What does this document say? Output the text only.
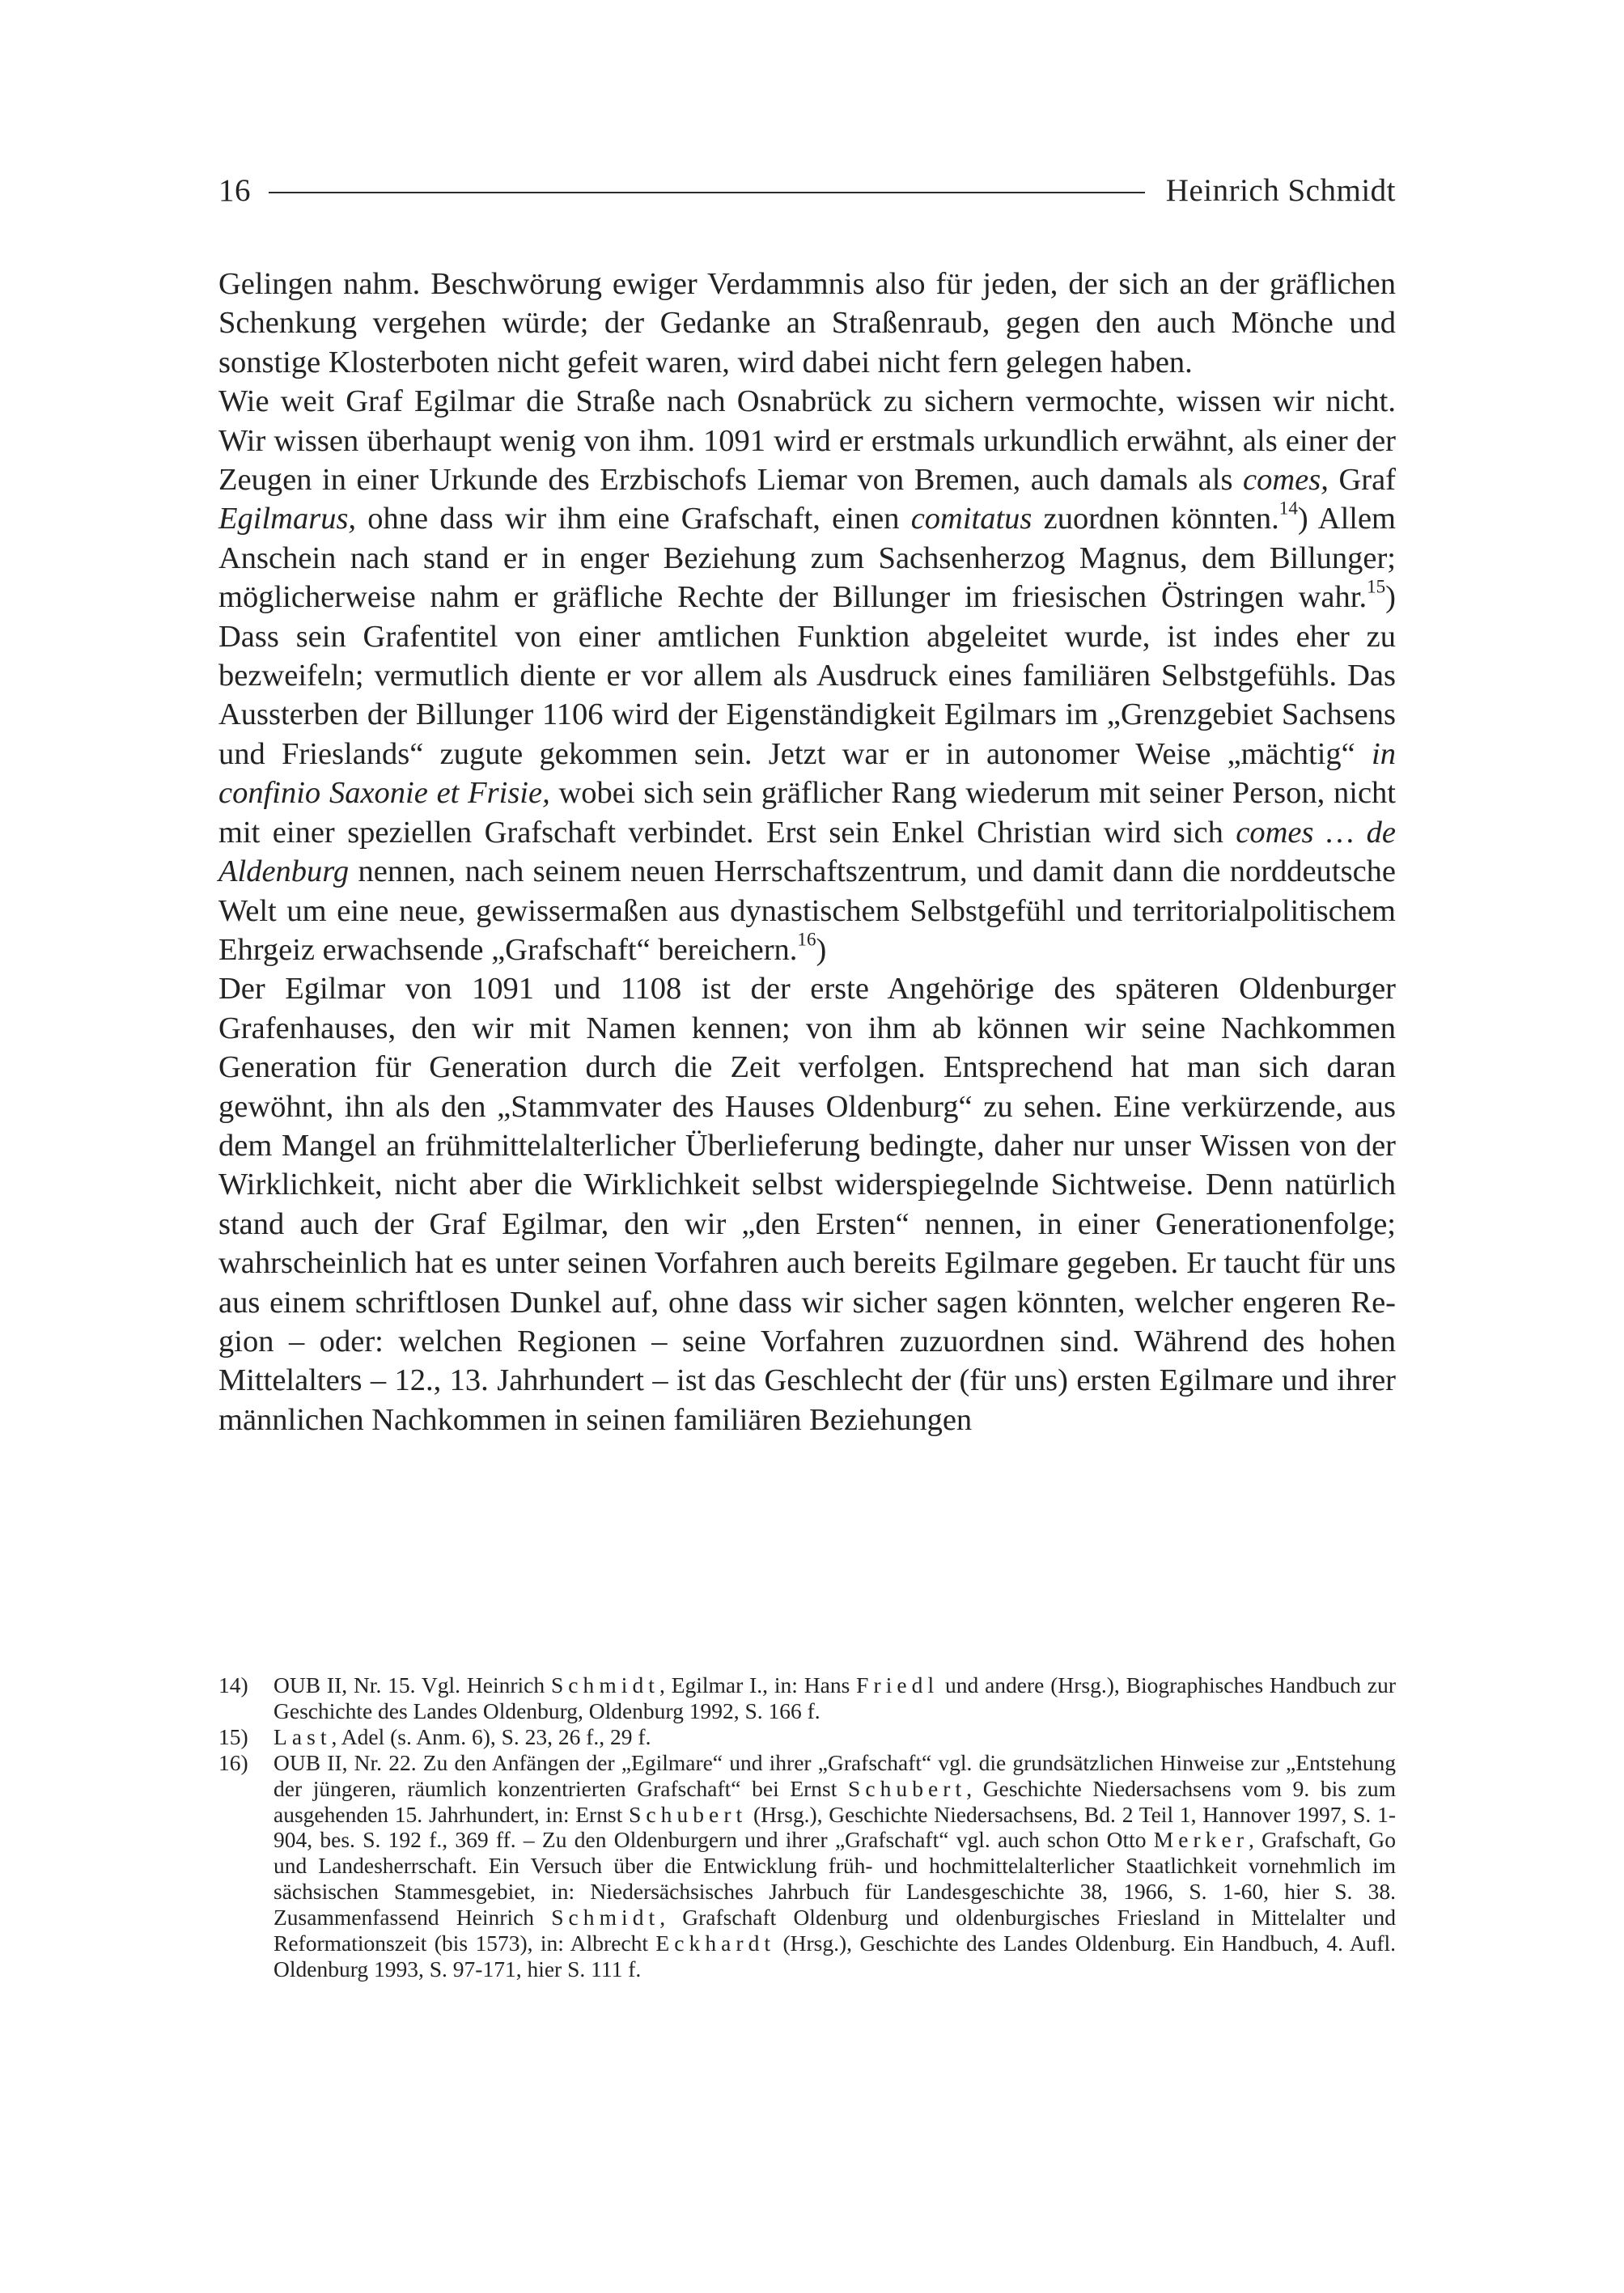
16	Heinrich Schmidt

Gelingen nahm. Beschwörung ewiger Verdammnis also für jeden, der sich an der gräflichen Schenkung vergehen würde; der Gedanke an Straßenraub, gegen den auch Mönche und sonstige Klosterboten nicht gefeit waren, wird dabei nicht fern gelegen haben.

Wie weit Graf Egilmar die Straße nach Osnabrück zu sichern vermochte, wissen wir nicht. Wir wissen überhaupt wenig von ihm. 1091 wird er erstmals urkundlich erwähnt, als einer der Zeugen in einer Urkunde des Erzbischofs Liemar von Bremen, auch damals als comes, Graf Egilmarus, ohne dass wir ihm eine Grafschaft, einen comitatus zuordnen könnten.$^{14}$) Allem Anschein nach stand er in enger Beziehung zum Sachsenherzog Magnus, dem Billunger; möglicherweise nahm er gräfliche Rechte der Billunger im friesischen Östringen wahr.$^{15}$) Dass sein Grafentitel von einer amtlichen Funktion abgeleitet wurde, ist indes eher zu bezweifeln; vermutlich diente er vor allem als Ausdruck eines familiären Selbstgefühls. Das Aussterben der Billunger 1106 wird der Eigenständigkeit Egilmars im „Grenzgebiet Sachsens und Frieslands“ zugute gekommen sein. Jetzt war er in autonomer Weise „mächtig“ in confinio Saxonie et Frisie, wobei sich sein gräflicher Rang wiederum mit seiner Person, nicht mit einer speziellen Grafschaft verbindet. Erst sein Enkel Christian wird sich comes … de Aldenburg nennen, nach seinem neuen Herrschaftszentrum, und damit dann die norddeutsche Welt um eine neue, gewissermaßen aus dynastischem Selbstgefühl und territorialpolitischem Ehrgeiz erwachsende „Grafschaft“ bereichern.$^{16}$)

Der Egilmar von 1091 und 1108 ist der erste Angehörige des späteren Oldenburger Grafenhauses, den wir mit Namen kennen; von ihm ab können wir seine Nachkommen Generation für Generation durch die Zeit verfolgen. Entsprechend hat man sich daran gewöhnt, ihn als den „Stammvater des Hauses Oldenburg“ zu sehen. Eine verkürzende, aus dem Mangel an frühmittelalterlicher Überlieferung bedingte, daher nur unser Wissen von der Wirklichkeit, nicht aber die Wirklichkeit selbst widerspiegelnde Sichtweise. Denn natürlich stand auch der Graf Egilmar, den wir „den Ersten“ nennen, in einer Generationenfolge; wahrscheinlich hat es unter seinen Vorfahren auch bereits Egilmare gegeben. Er taucht für uns aus einem schriftlosen Dunkel auf, ohne dass wir sicher sagen könnten, welcher engeren Region – oder: welchen Regionen – seine Vorfahren zuzuordnen sind. Während des hohen Mittelalters – 12., 13. Jahrhundert – ist das Geschlecht der (für uns) ersten Egilmare und ihrer männlichen Nachkommen in seinen familiären Beziehungen

14)	OUB II, Nr. 15. Vgl. Heinrich Schmidt, Egilmar I., in: Hans Friedl und andere (Hrsg.), Biographisches Handbuch zur Geschichte des Landes Oldenburg, Oldenburg 1992, S. 166 f.
15)	Last, Adel (s. Anm. 6), S. 23, 26 f., 29 f.
16)	OUB II, Nr. 22. Zu den Anfängen der „Egilmare“ und ihrer „Grafschaft“ vgl. die grundsätzlichen Hinweise zur „Entstehung der jüngeren, räumlich konzentrierten Grafschaft“ bei Ernst Schubert, Geschichte Niedersachsens vom 9. bis zum ausgehenden 15. Jahrhundert, in: Ernst Schubert (Hrsg.), Geschichte Niedersachsens, Bd. 2 Teil 1, Hannover 1997, S. 1-904, bes. S. 192 f., 369 ff. – Zu den Oldenburgern und ihrer „Grafschaft“ vgl. auch schon Otto Merker, Grafschaft, Go und Landesherrschaft. Ein Versuch über die Entwicklung früh- und hochmittelalterlicher Staatlichkeit vornehmlich im sächsischen Stammesgebiet, in: Niedersächsisches Jahrbuch für Landesgeschichte 38, 1966, S. 1-60, hier S. 38. Zusammenfassend Heinrich Schmidt, Grafschaft Oldenburg und oldenburgisches Friesland in Mittelalter und Reformationszeit (bis 1573), in: Albrecht Eckhardt (Hrsg.), Geschichte des Landes Oldenburg. Ein Handbuch, 4. Aufl. Oldenburg 1993, S. 97-171, hier S. 111 f.
